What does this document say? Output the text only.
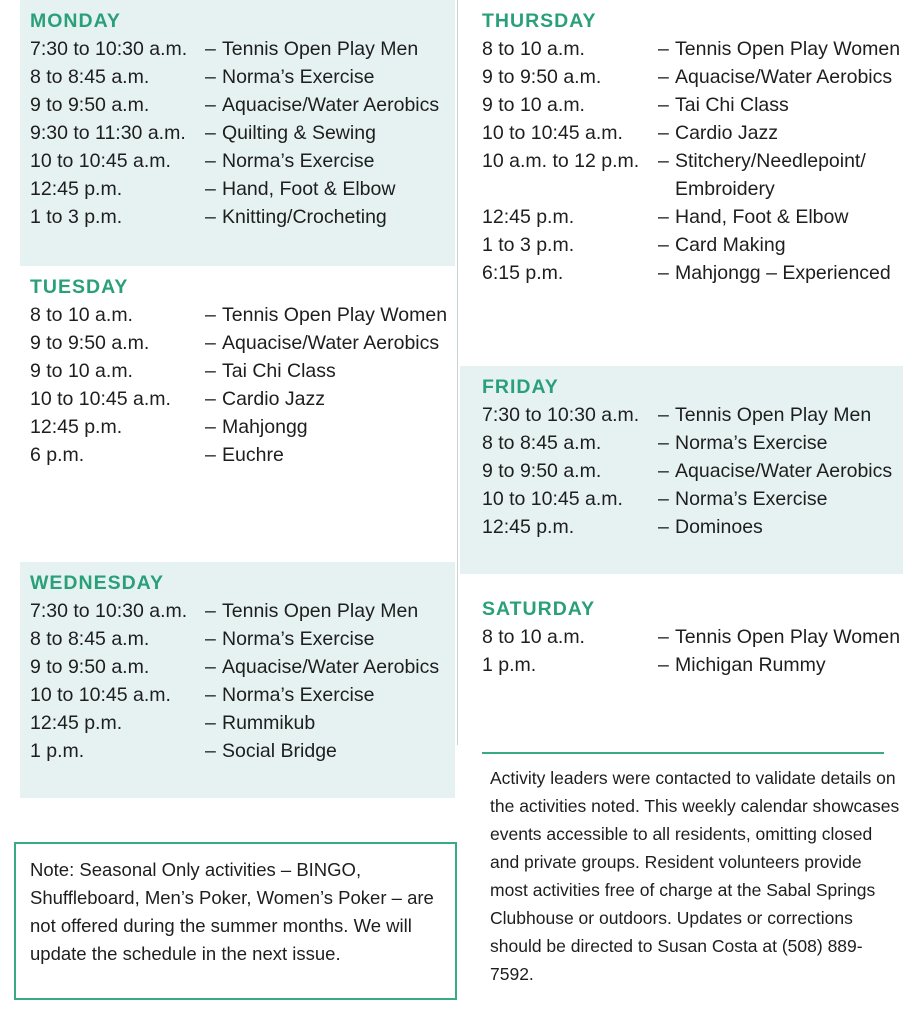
MONDAY
7:30 to 10:30 a.m. – Tennis Open Play Men
8 to 8:45 a.m.	– Norma’s Exercise
9 to 9:50 a.m.	– Aquacise/Water Aerobics
9:30 to 11:30 a.m. – Quilting & Sewing
10 to 10:45 a.m.	– Norma’s Exercise
12:45 p.m.	– Hand, Foot & Elbow
1 to 3 p.m.	– Knitting/Crocheting
TUESDAY
8 to 10 a.m.	– Tennis Open Play Women
9 to 9:50 a.m.	– Aquacise/Water Aerobics
9 to 10 a.m.	– Tai Chi Class
10 to 10:45 a.m.	– Cardio Jazz
12:45 p.m.	– Mahjongg
6 p.m.	– Euchre
WEDNESDAY
7:30 to 10:30 a.m. – Tennis Open Play Men
8 to 8:45 a.m.	– Norma’s Exercise
9 to 9:50 a.m.	– Aquacise/Water Aerobics
10 to 10:45 a.m.	– Norma’s Exercise
12:45 p.m.	– Rummikub
1 p.m.	– Social Bridge
THURSDAY
8 to 10 a.m.	– Tennis Open Play Women
9 to 9:50 a.m.	– Aquacise/Water Aerobics
9 to 10 a.m.	– Tai Chi Class
10 to 10:45 a.m.	– Cardio Jazz
10 a.m. to 12 p.m. – Stitchery/Needlepoint/ Embroidery
12:45 p.m.	– Hand, Foot & Elbow
1 to 3 p.m.	– Card Making
6:15 p.m.	– Mahjongg – Experienced
FRIDAY
7:30 to 10:30 a.m. – Tennis Open Play Men
8 to 8:45 a.m.	– Norma’s Exercise
9 to 9:50 a.m.	– Aquacise/Water Aerobics
10 to 10:45 a.m.	– Norma’s Exercise
12:45 p.m.	– Dominoes
SATURDAY
8 to 10 a.m.	– Tennis Open Play Women
1 p.m.	– Michigan Rummy
Note: Seasonal Only activities – BINGO, Shuffleboard, Men’s Poker, Women’s Poker – are not offered during the summer months. We will update the schedule in the next issue.
Activity leaders were contacted to validate details on the activities noted. This weekly calendar showcases events accessible to all residents, omitting closed and private groups. Resident volunteers provide most activities free of charge at the Sabal Springs Clubhouse or outdoors. Updates or corrections should be directed to Susan Costa at (508) 889-7592.
